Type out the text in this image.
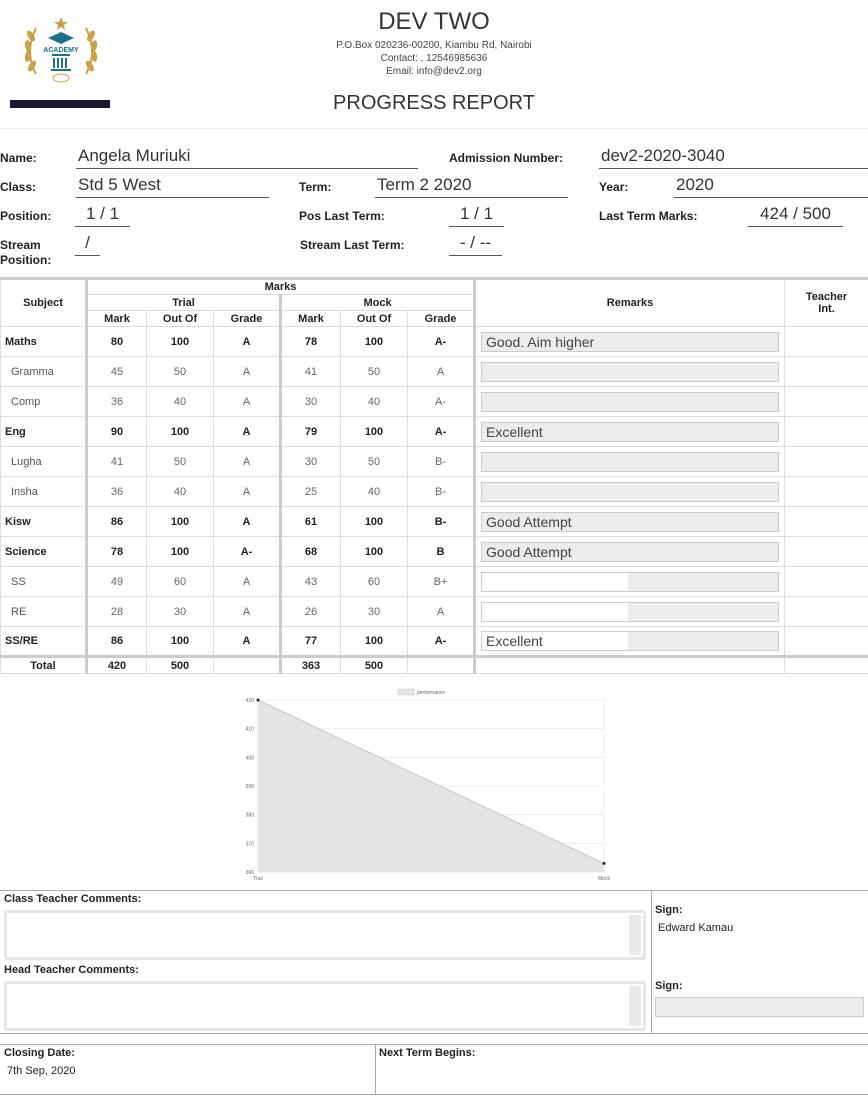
ACADEMY
DEV TWO
P.O.Box 020236-00200, Kiambu Rd, Nairobi
Contact: , 12546985636
Email: info@dev2.org
PROGRESS REPORT
Name: Angela Muriuki	Admission Number: dev2-2020-3040
Class: Std 5 West	Term:	Term 2 2020	Year:	2020
Position:	1 / 1	Pos Last Term:	1 / 1	Last Term Marks:	424 / 500
Stream
Position:
/	Stream Last Term:	- / --
Subject	Marks						Remarks	Teacher
Int.
	Trial			Mock				
	Mark	Out Of	Grade	Mark	Out Of	Grade		
Maths	80	100	A	78	100	A-	Good. Aim higher	

Gramma	45	50	A	41	50	A	

Comp	36	40	A	30	40	A-	

Eng	90	100	A	79	100	A-	Excellent	

Lugha	41	50	A	30	50	B-	

Insha	36	40	A	25	40	B-	

Kisw	86	100	A	61	100	B-	Good Attempt	

Science	78	100	A-	68	100	B	Good Attempt	

SS	49	60	A	43	60	B+	

RE	28	30	A	26	30	A	

SS/RE	86	100	A	77	100	A-	Excellent	

Total	420	500		363	500			
420
410
400
390
380
370
360
Trial	Mock
performance
Class Teacher Comments:
Head Teacher Comments:
Sign:
Edward Kamau
Sign:
Closing Date:
7th Sep, 2020
Next Term Begins:
